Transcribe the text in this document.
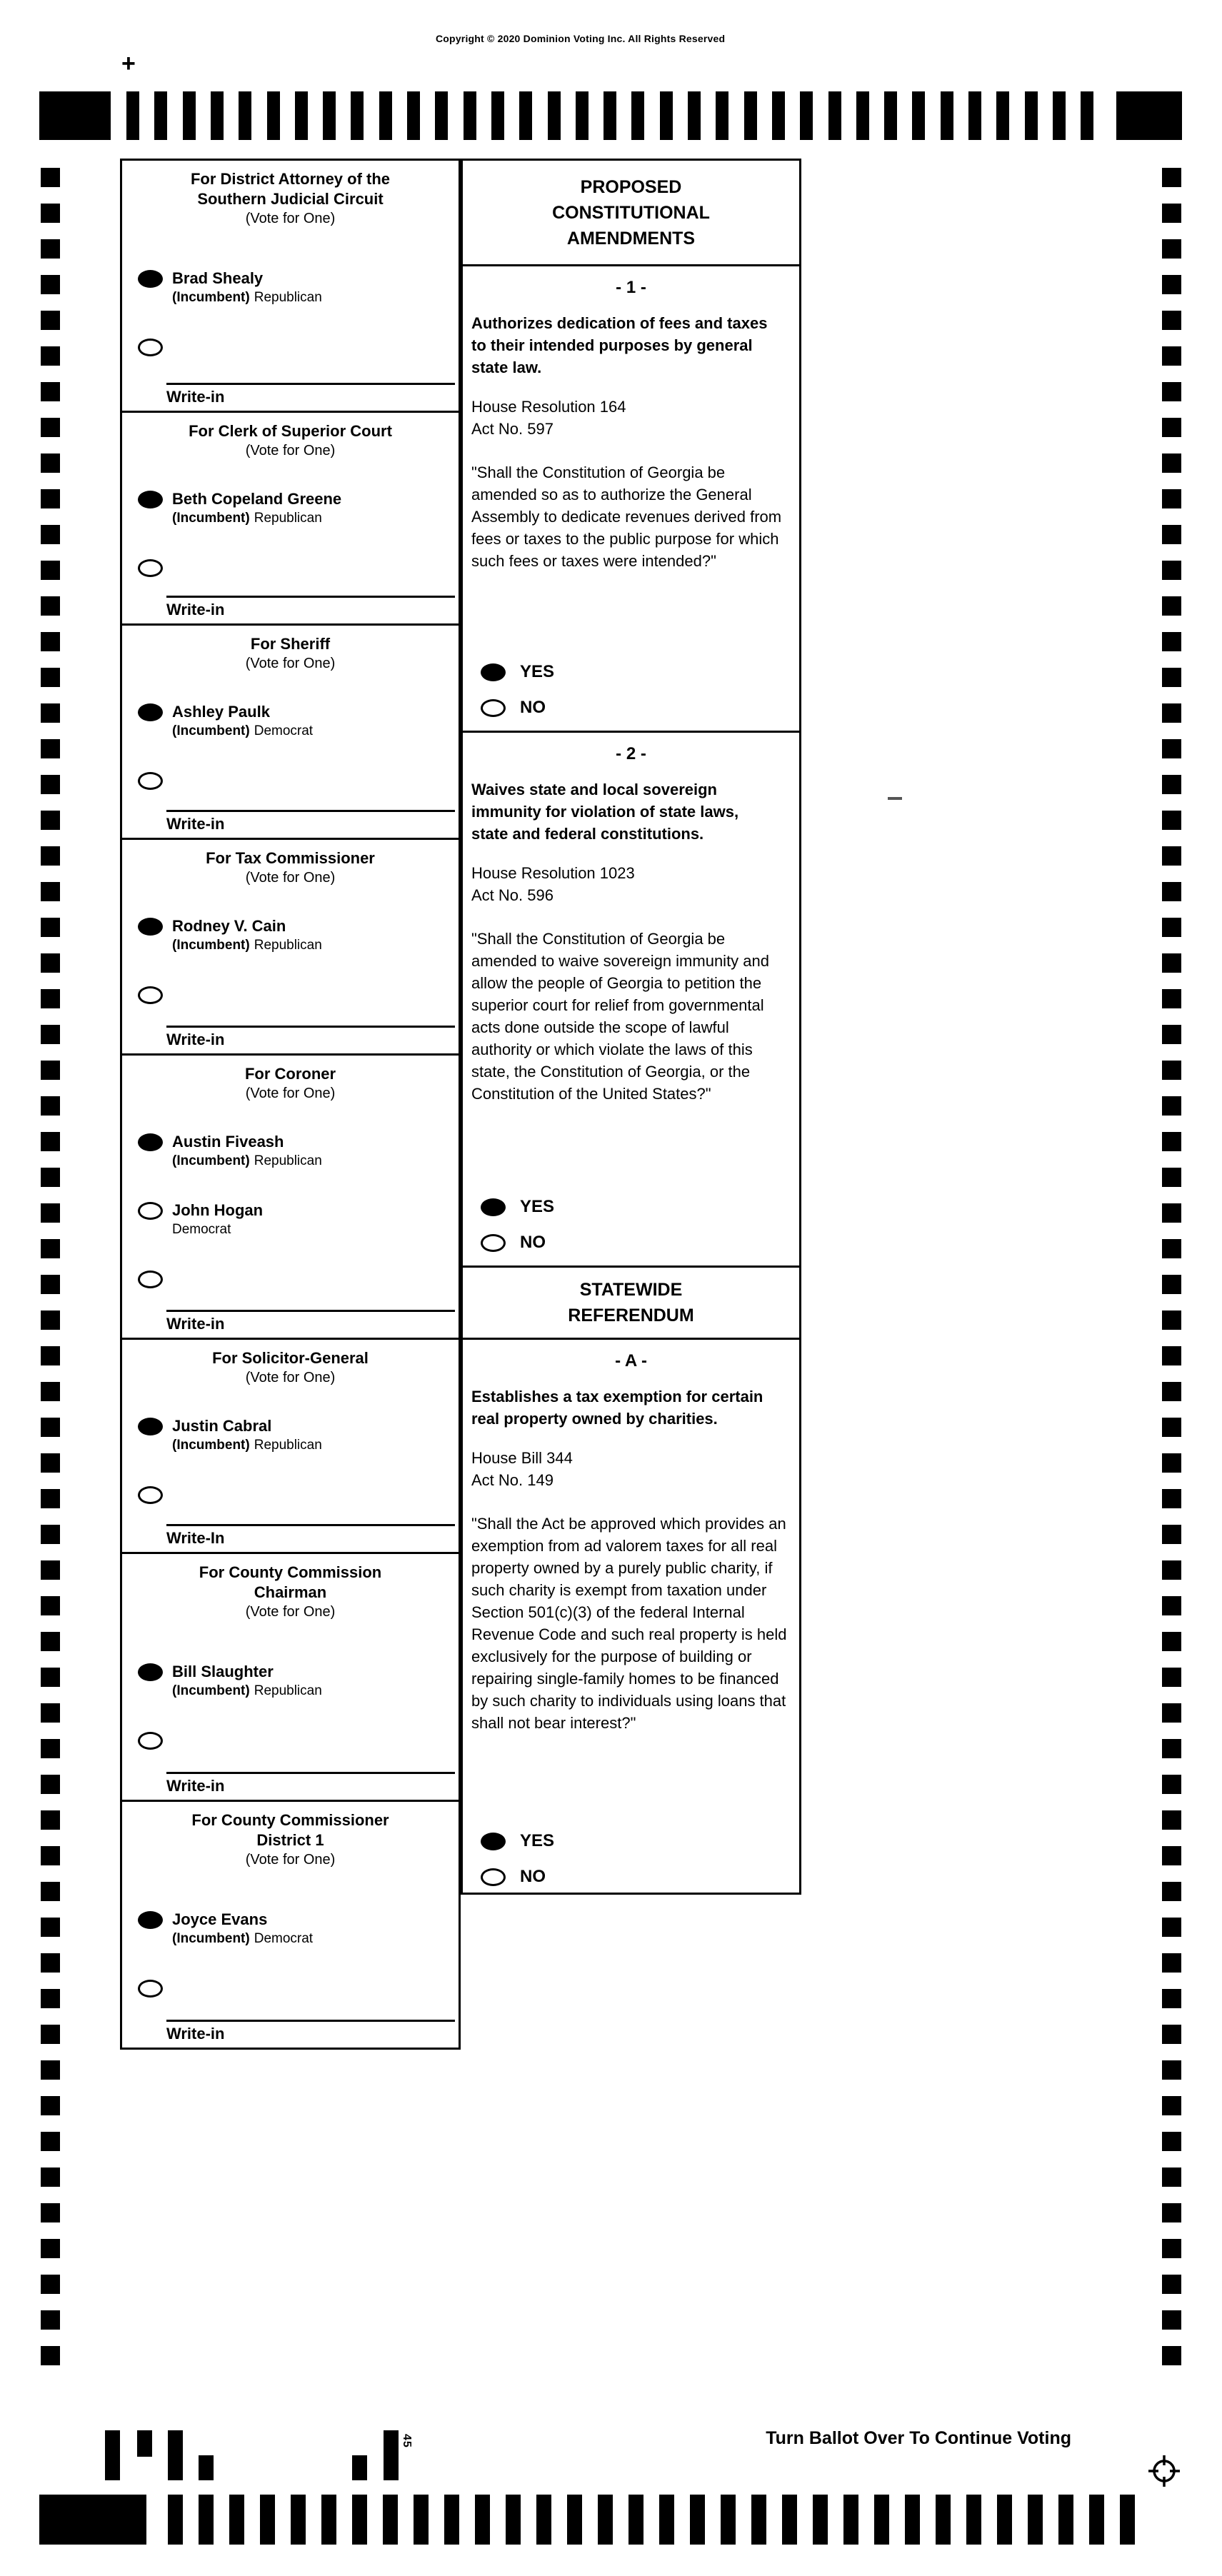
Copyright © 2020 Dominion Voting Inc. All Rights Reserved
+
For District Attorney of the
Southern Judicial Circuit
(Vote for One)
Brad Shealy
(Incumbent) Republican
Write-in
For Clerk of Superior Court
(Vote for One)
Beth Copeland Greene
(Incumbent) Republican
Write-in
For Sheriff
(Vote for One)
Ashley Paulk
(Incumbent) Democrat
Write-in
For Tax Commissioner
(Vote for One)
Rodney V. Cain
(Incumbent) Republican
Write-in
For Coroner
(Vote for One)
Austin Fiveash
(Incumbent) Republican
John Hogan
Democrat
Write-in
For Solicitor-General
(Vote for One)
Justin Cabral
(Incumbent) Republican
Write-In
For County Commission
Chairman
(Vote for One)
Bill Slaughter
(Incumbent) Republican
Write-in
For County Commissioner
District 1
(Vote for One)
Joyce Evans
(Incumbent) Democrat
Write-in
PROPOSED
CONSTITUTIONAL
AMENDMENTS
- 1 -
Authorizes dedication of fees and taxes to their intended purposes by general state law.
House Resolution 164
Act No. 597
"Shall the Constitution of Georgia be amended so as to authorize the General Assembly to dedicate revenues derived from fees or taxes to the public purpose for which such fees or taxes were intended?"
YES
NO
- 2 -
Waives state and local sovereign immunity for violation of state laws, state and federal constitutions.
House Resolution 1023
Act No. 596
"Shall the Constitution of Georgia be amended to waive sovereign immunity and allow the people of Georgia to petition the superior court for relief from governmental acts done outside the scope of lawful authority or which violate the laws of this state, the Constitution of Georgia, or the Constitution of the United States?"
YES
NO
STATEWIDE
REFERENDUM
- A -
Establishes a tax exemption for certain real property owned by charities.
House Bill 344
Act No. 149
"Shall the Act be approved which provides an exemption from ad valorem taxes for all real property owned by a purely public charity, if such charity is exempt from taxation under Section 501(c)(3) of the federal Internal Revenue Code and such real property is held exclusively for the purpose of building or repairing single-family homes to be financed by such charity to individuals using loans that shall not bear interest?"
YES
NO
45	Turn Ballot Over To Continue Voting
